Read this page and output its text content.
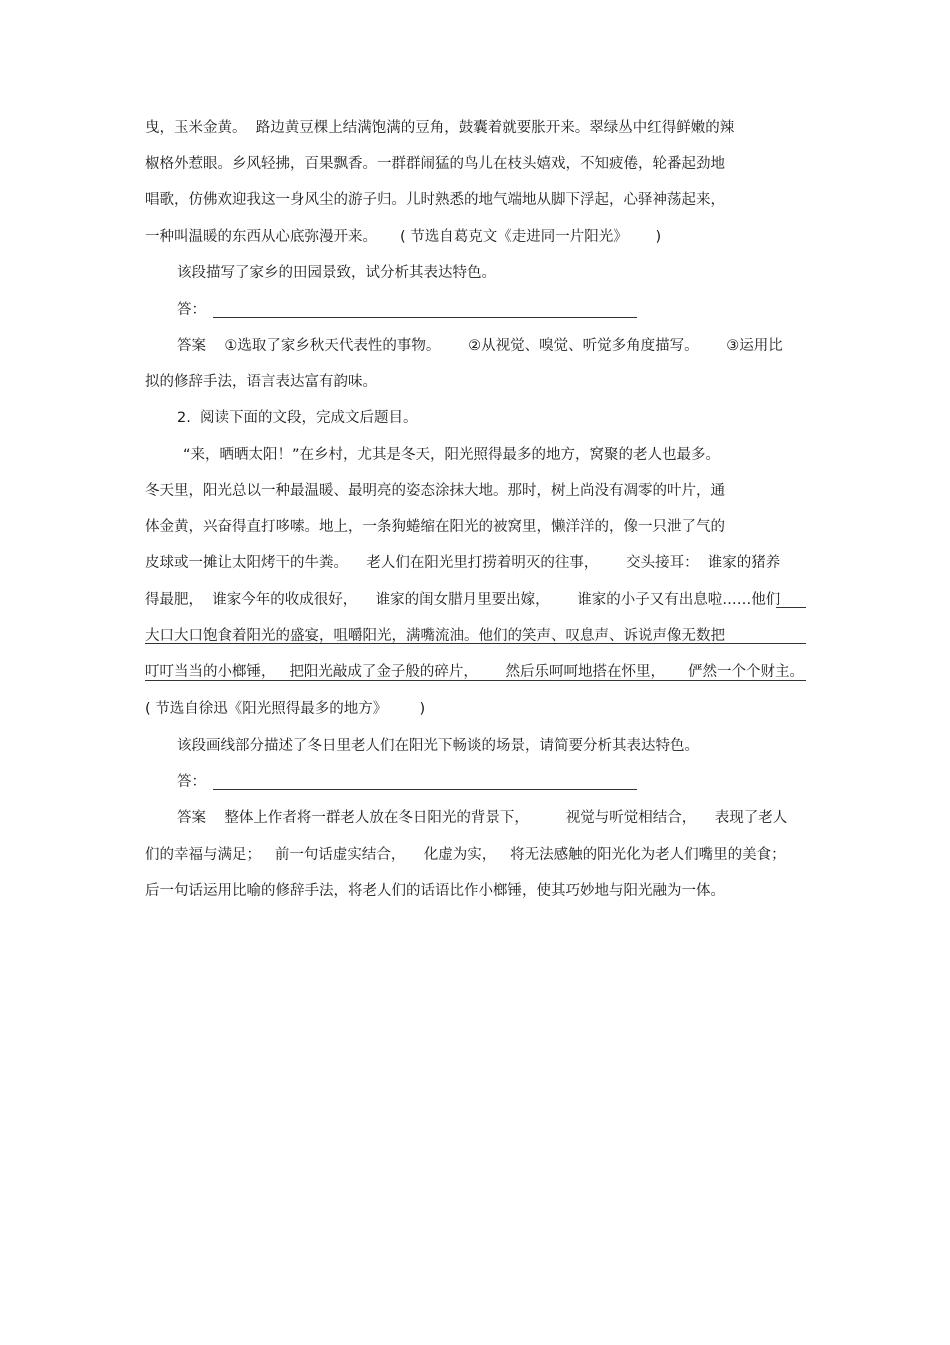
曳，玉米金黄。  路边黄豆棵上结满饱满的豆角，鼓囊着就要胀开来。翠绿丛中红得鲜嫩的辣
椒格外惹眼。乡风轻拂，百果飘香。一群群闹猛的鸟儿在枝头嬉戏，不知疲倦，轮番起劲地
唱歌，仿佛欢迎我这一身风尘的游子归。儿时熟悉的地气端地从脚下浮起，心驿神荡起来，
一种叫温暖的东西从心底弥漫开来。     ( 节选自葛克文《走进同一片阳光》      )
该段描写了家乡的田园景致，试分析其表达特色。
答：
答案    ①选取了家乡秋天代表性的事物。      ②从视觉、嗅觉、听觉多角度描写。      ③运用比
拟的修辞手法，语言表达富有韵味。
2.  阅读下面的文段，完成文后题目。
“来，晒晒太阳！”在乡村，尤其是冬天，阳光照得最多的地方，窝聚的老人也最多。
冬天里，阳光总以一种最温暖、最明亮的姿态涂抹大地。那时，树上尚没有凋零的叶片，通
体金黄，兴奋得直打哆嗦。地上，一条狗蜷缩在阳光的被窝里，懒洋洋的，像一只泄了气的
皮球或一摊让太阳烤干的牛粪。    老人们在阳光里打捞着明灭的往事，      交头接耳：  谁家的猪养
得最肥，  谁家今年的收成很好，    谁家的闺女腊月里要出嫁，      谁家的小子又有出息啦……他们
大口大口饱食着阳光的盛宴，咀嚼阳光，满嘴流油。他们的笑声、叹息声、诉说声像无数把
叮叮当当的小榔锤，   把阳光敲成了金子般的碎片，      然后乐呵呵地搭在怀里，     俨然一个个财主。
( 节选自徐迅《阳光照得最多的地方》       )
该段画线部分描述了冬日里老人们在阳光下畅谈的场景，请简要分析其表达特色。
答：
答案    整体上作者将一群老人放在冬日阳光的背景下，        视觉与听觉相结合，    表现了老人
们的幸福与满足；   前一句话虚实结合，    化虚为实，   将无法感触的阳光化为老人们嘴里的美食；
后一句话运用比喻的修辞手法，将老人们的话语比作小榔锤，使其巧妙地与阳光融为一体。
